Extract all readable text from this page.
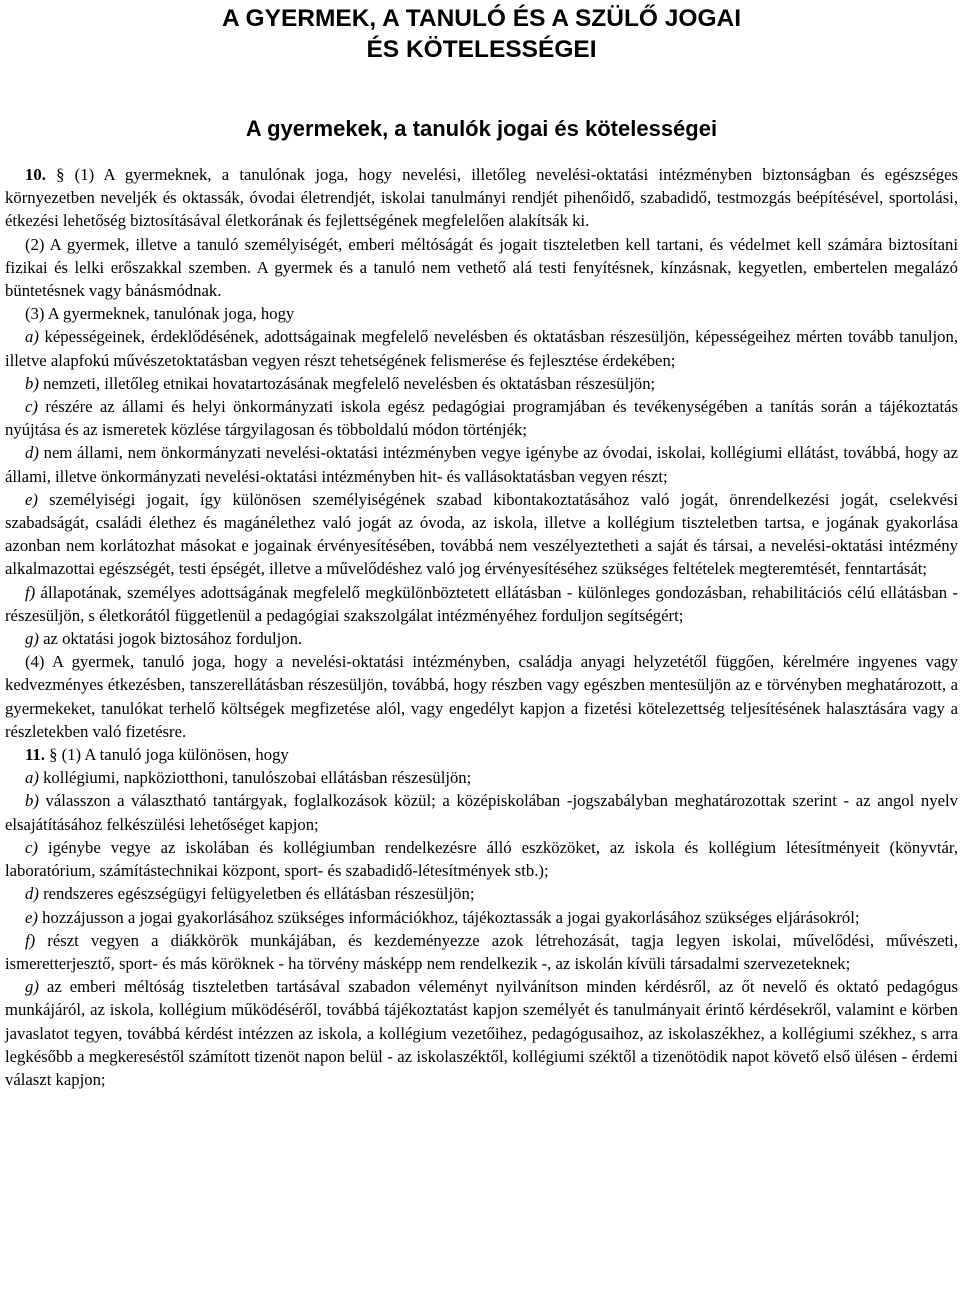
A GYERMEK, A TANULÓ ÉS A SZÜLŐ JOGAI
ÉS KÖTELESSÉGEI
A gyermekek, a tanulók jogai és kötelességei

10. § (1) A gyermeknek, a tanulónak joga, hogy nevelési, illetőleg nevelési-oktatási intézményben biztonságban és egészséges környezetben neveljék és oktassák, óvodai életrendjét, iskolai tanulmányi rendjét pihenőidő, szabadidő, testmozgás beépítésével, sportolási, étkezési lehetőség biztosításával életkorának és fejlettségének megfelelően alakítsák ki.

(2) A gyermek, illetve a tanuló személyiségét, emberi méltóságát és jogait tiszteletben kell tartani, és védelmet kell számára biztosítani fizikai és lelki erőszakkal szemben. A gyermek és a tanuló nem vethető alá testi fenyítésnek, kínzásnak, kegyetlen, embertelen megalázó büntetésnek vagy bánásmódnak.

(3) A gyermeknek, tanulónak joga, hogy

a) képességeinek, érdeklődésének, adottságainak megfelelő nevelésben és oktatásban részesüljön, képességeihez mérten tovább tanuljon, illetve alapfokú művészetoktatásban vegyen részt tehetségének felismerése és fejlesztése érdekében;

b) nemzeti, illetőleg etnikai hovatartozásának megfelelő nevelésben és oktatásban részesüljön;

c) részére az állami és helyi önkormányzati iskola egész pedagógiai programjában és tevékenységében a tanítás során a tájékoztatás nyújtása és az ismeretek közlése tárgyilagosan és többoldalú módon történjék;

d) nem állami, nem önkormányzati nevelési-oktatási intézményben vegye igénybe az óvodai, iskolai, kollégiumi ellátást, továbbá, hogy az állami, illetve önkormányzati nevelési-oktatási intézményben hit- és vallásoktatásban vegyen részt;

e) személyiségi jogait, így különösen személyiségének szabad kibontakoztatásához való jogát, önrendelkezési jogát, cselekvési szabadságát, családi élethez és magánélethez való jogát az óvoda, az iskola, illetve a kollégium tiszteletben tartsa, e jogának gyakorlása azonban nem korlátozhat másokat e jogainak érvényesítésében, továbbá nem veszélyeztetheti a saját és társai, a nevelési-oktatási intézmény alkalmazottai egészségét, testi épségét, illetve a művelődéshez való jog érvényesítéséhez szükséges feltételek megteremtését, fenntartását;

f) állapotának, személyes adottságának megfelelő megkülönböztetett ellátásban - különleges gondozásban, rehabilitációs célú ellátásban - részesüljön, s életkorától függetlenül a pedagógiai szakszolgálat intézményéhez forduljon segítségért;

g) az oktatási jogok biztosához forduljon.

(4) A gyermek, tanuló joga, hogy a nevelési-oktatási intézményben, családja anyagi helyzetétől függően, kérelmére ingyenes vagy kedvezményes étkezésben, tanszerellátásban részesüljön, továbbá, hogy részben vagy egészben mentesüljön az e törvényben meghatározott, a gyermekeket, tanulókat terhelő költségek megfizetése alól, vagy engedélyt kapjon a fizetési kötelezettség teljesítésének halasztására vagy a részletekben való fizetésre.

11. § (1) A tanuló joga különösen, hogy

a) kollégiumi, napköziotthoni, tanulószobai ellátásban részesüljön;

b) válasszon a választható tantárgyak, foglalkozások közül; a középiskolában -jogszabályban meghatározottak szerint - az angol nyelv elsajátításához felkészülési lehetőséget kapjon;

c) igénybe vegye az iskolában és kollégiumban rendelkezésre álló eszközöket, az iskola és kollégium létesítményeit (könyvtár, laboratórium, számítástechnikai központ, sport- és szabadidő-létesítmények stb.);

d) rendszeres egészségügyi felügyeletben és ellátásban részesüljön;

e) hozzájusson a jogai gyakorlásához szükséges információkhoz, tájékoztassák a jogai gyakorlásához szükséges eljárásokról;

f) részt vegyen a diákkörök munkájában, és kezdeményezze azok létrehozását, tagja legyen iskolai, művelődési, művészeti, ismeretterjesztő, sport- és más köröknek - ha törvény másképp nem rendelkezik -, az iskolán kívüli társadalmi szervezeteknek;

g) az emberi méltóság tiszteletben tartásával szabadon véleményt nyilvánítson minden kérdésről, az őt nevelő és oktató pedagógus munkájáról, az iskola, kollégium működéséről, továbbá tájékoztatást kapjon személyét és tanulmányait érintő kérdésekről, valamint e körben javaslatot tegyen, továbbá kérdést intézzen az iskola, a kollégium vezetőihez, pedagógusaihoz, az iskolaszékhez, a kollégiumi székhez, s arra legkésőbb a megkereséstől számított tizenöt napon belül - az iskolaszéktől, kollégiumi széktől a tizenötödik napot követő első ülésen - érdemi választ kapjon;
